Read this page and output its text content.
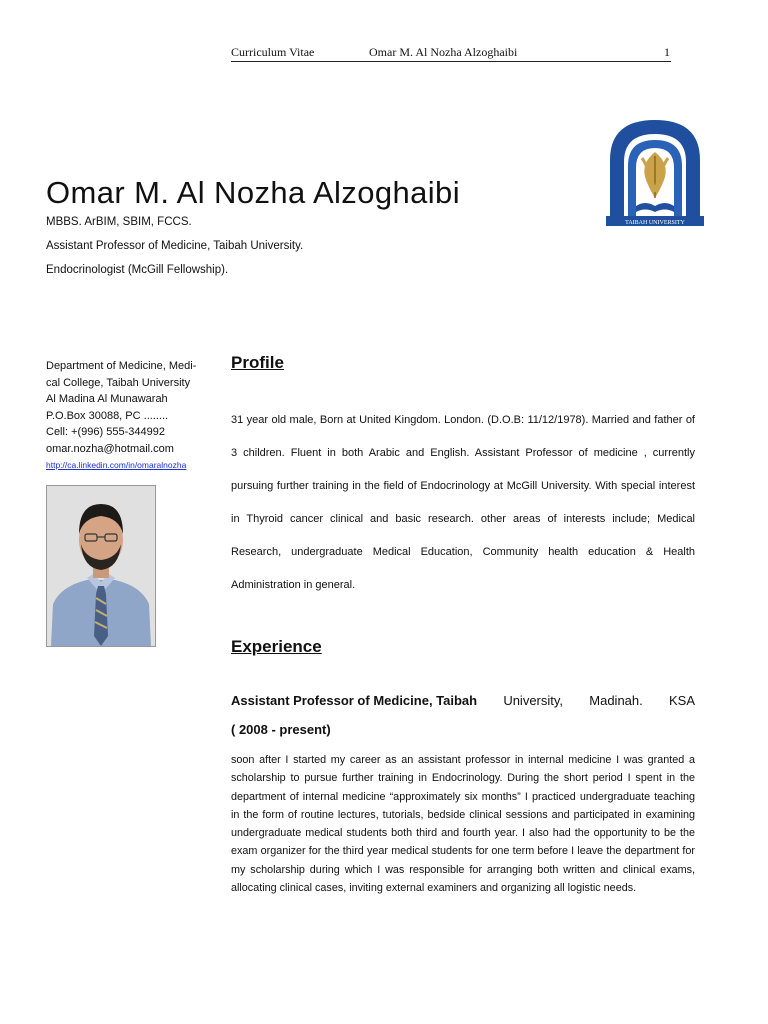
Curriculum Vitae	Omar M. Al Nozha Alzoghaibi	1
TAIBAH UNIVERSITY
Omar M. Al Nozha Alzoghaibi
MBBS. ArBIM, SBIM, FCCS.
Assistant Professor of Medicine, Taibah University.
Endocrinologist (McGill Fellowship).
Department of Medicine, Medi-
cal College, Taibah University
Al Madina Al Munawarah
P.O.Box 30088, PC ........
Cell: +(996) 555-344992
omar.nozha@hotmail.com
http://ca.linkedin.com/in/omaralnozha
Profile
31 year old male, Born at United Kingdom. London. (D.O.B: 11/12/1978). Married and father of 3 children. Fluent in both Arabic and English. Assistant Professor of medicine , currently pursuing further training in the field of Endocrinology at McGill University. With special interest in Thyroid cancer clinical and basic research. other areas of interests include; Medical Research, undergraduate Medical Education, Community health education & Health Administration in general.
Experience
Assistant Professor of Medicine, Taibah University, Madinah. KSA
( 2008 - present)
soon after I started my career as an assistant professor in internal medicine I was granted a scholarship to pursue further training in Endocrinology. During the short period I spent in the department of internal medicine “approximately six months” I practiced undergraduate teaching in the form of routine lectures, tutorials, bedside clinical sessions and participated in examining undergraduate medical students both third and fourth year. I also had the opportunity to be the exam organizer for the third year medical students for one term before I leave the department for my scholarship during which I was responsible for arranging both written and clinical exams, allocating clinical cases, inviting external examiners and organizing all logistic needs.
